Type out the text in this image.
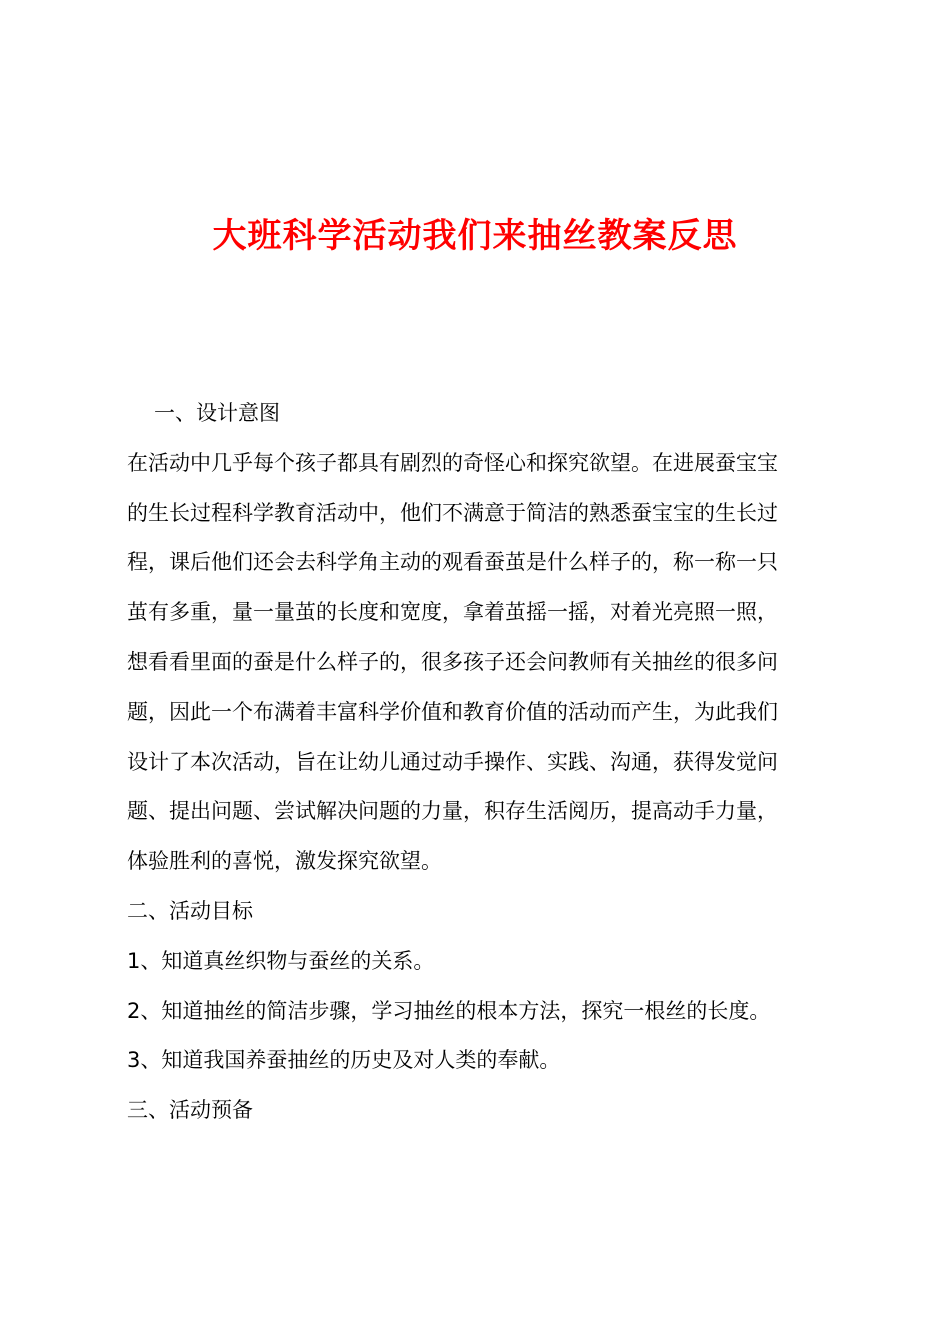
大班科学活动我们来抽丝教案反思
一、设计意图
在活动中几乎每个孩子都具有剧烈的奇怪心和探究欲望。在进展蚕宝宝
的生长过程科学教育活动中，他们不满意于简洁的熟悉蚕宝宝的生长过
程，课后他们还会去科学角主动的观看蚕茧是什么样子的，称一称一只
茧有多重，量一量茧的长度和宽度，拿着茧摇一摇，对着光亮照一照，
想看看里面的蚕是什么样子的，很多孩子还会问教师有关抽丝的很多问
题，因此一个布满着丰富科学价值和教育价值的活动而产生，为此我们
设计了本次活动，旨在让幼儿通过动手操作、实践、沟通，获得发觉问
题、提出问题、尝试解决问题的力量，积存生活阅历，提高动手力量，
体验胜利的喜悦，激发探究欲望。
二、活动目标
1、知道真丝织物与蚕丝的关系。
2、知道抽丝的简洁步骤，学习抽丝的根本方法，探究一根丝的长度。
3、知道我国养蚕抽丝的历史及对人类的奉献。
三、活动预备
